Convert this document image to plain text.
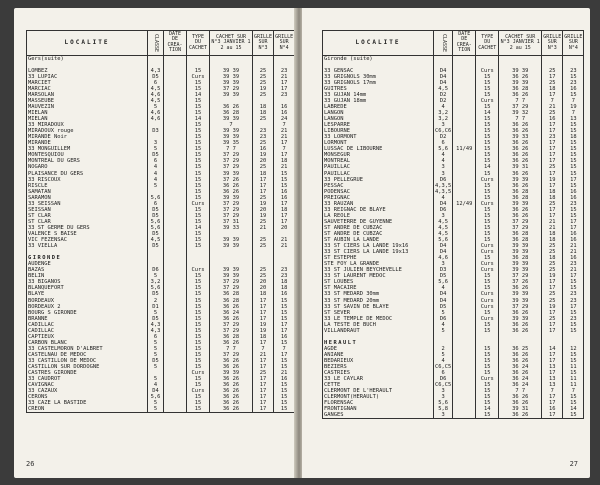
LOCALITE	CLASSE	DATE DE CREA- TION	TYPE DU CACHET	CACHET SUR N°3 JANVIER 1 2 au 15	GRILLE SUR N°3	GRILLE SUR N°4
Gers(suite)						

LOMBEZ	4,3		15	39 39	25	23
33 LUPIAC	D5		Curs	39 39	25	21
MARCIET	6		15	39 39	25	17
MARCIAC	4,5		15	37 29	19	17
MARSOLAN	4,6		14	39 39	25	23
MASSEUBE	4,5		15			
MAUVEZIN	5		15	36 26	18	16
MIELAN	4,6		15	36 28	18	16
MIELAN	4,6		14	39 39	25	24
33 MIRADOUX			15	7		7
MIRADOUX rouge	D3		15	39 39	23	21
MIRANDE Noir			15	39 39	23	21
MIRANDE	3		15	39 35	25	17
33 MONGUILLEM	5		15	7 7	16	7
MONTESQUIOU	D5		15	37 29	19	17
MONTREAL DU GERS	6		15	37 29	20	18
NOGARO	4		15	37 29	25	21
PLAISANCE DU GERS	4		15	39 39	18	15
33 RISCOUX	4		15	37 26	17	15
RISCLE	5		15	36 26	17	15
SAMATAN			15	36 26	17	16
SARAMON	5,6		15	39 39	25	16
33 SEISSAN	6		Curs	37 29	19	17
SEISSAN	D5		15	37 29	20	18
ST CLAR	D5		15	37 29	19	17
ST CLAR	5,6		15	37 31	25	17
33 ST GERME DU GERS	5,6		14	39 33	21	20
VALENCE S BAISE	D5		15			
VIC FEZENSAC	4,5		15	39 39	25	21
33 VIELLA	D5		15	39 39	25	21

GIRONDE						
AUDENGE						
BAZAS	D6		Curs	39 39	25	23
BELIN	5		15	39 39	25	23
33 BIGANOS	3,2		15	37 29	20	18
BLANQUEFORT	5,6		15	37 29	20	18
BLAYE	D5		15	36 28	18	16
BORDEAUX	2		15	36 28	17	15
BORDEAUX 2	D1		15	36 26	17	15
BOURG S GIRONDE	5		15	36 24	17	15
BRANNE	D5		15	36 26	17	15
CADILLAC	4,3		15	37 29	19	17
CADILLAC	4,3		15	37 29	19	17
CAPTIEUX	6		15	36 28	18	16
CARBON BLANC	5		15	36 26	17	15
33 CASTELMORON D'ALBRET	5		15	7 7	7	7
CASTELNAU DE MEDOC	5		15	37 29	21	17
33 CASTILLON DE MEDOC	D5		15	36 26	17	15
CASTILLON SUR DORDOGNE	5		15	36 26	17	15
CASTRES GIRONDE			Curs	39 39	25	21
33 CAUDROT	5		15	36 26	17	16
CAVIGNAC	4		15	36 26	17	15
33 CAZAUX	D4		Curs	36 26	17	15
CERONS	5,6		15	36 26	17	15
33 CAZE LA BASTIDE	5		15	36 26	17	15
CREON	5		15	36 26	17	15
26
LOCALITE	CLASSE	DATE DE CREA- TION	TYPE DU CACHET	CACHET SUR N°3 JANVIER 1 2 au 15	GRILLE SUR N°3	GRILLE SUR N°4
Gironde (suite)						

33 GENSAC	D4		Curs	39 39	25	23
33 GRIGNOLS 30mm	D4		15	36 26	17	15
33 GRIGNOLS 17mm	D4		15	39 39	25	23
GUITRES	4,5		15	36 28	18	16
33 GUJAN 14mm	D2		15	36 26	17	15
33 GUJAN 18mm	D2		Curs	7 7	7	7
LABREDE	4		15	37 29	21	19
LANGON	3,2		14	39 32	25	7
LANGON	3,2		15	7 7	16	13
LESPARRE	3		15	36 26	17	15
LIBOURNE	C6,C6		15	36 26	17	15
33 LORMONT	D2		15	39 33	23	18
LORMONT	6		15	36 26	17	15
LUSSAC DE LIBOURNE	5,6	11/49	15	36 26	17	15
MONSEGUR	4		15	36 26	17	15
MONTREAL	4		15	36 26	17	15
PAUILLAC	3		14	39 31	25	15
PAUILLAC	3		15	36 26	17	15
33 PELLEGRUE	D6		Curs	39 39	19	17
PESSAC	4,3,5		15	36 26	17	15
PODENSAC	4,3,5		15	36 28	18	16
PREIGNAC	4		15	36 28	18	16
33 RAUZAN	D4	12/49	Curs	39 39	25	23
33 REIGNAC DE BLAYE	D6		15	36 26	17	15
LA REOLE	3		15	36 26	17	15
SAUVETERRE DE GUYENNE	4,5		15	37 29	21	17
ST ANDRE DE CUBZAC	4,5		15	37 29	21	17
ST ANDRE DE CUBZAC	4,5		15	36 28	18	16
ST AUBIN LA LANDE	5,6		15	36 28	18	16
33 ST CIERS LA LANDE 19x16	D4		Curs	39 39	25	21
33 ST CIERS LA LANDE 19x13	D4		Curs	39 39	25	21
ST ESTEPHE	4,6		15	36 28	18	16
STE FOY LA GRANDE	3		Curs	39 39	25	23
33 ST JULIEN BEYCHEVELLE	D3		Curs	39 39	25	21
33 ST LAURENT MEDOC	D5		15	37 29	19	17
ST LOUBES	5,6		15	37 26	17	15
ST MACAIRE	4		15	36 26	17	15
33 ST MEDARD 30mm	D4		Curs	39 39	25	23
33 ST MEDARD 20mm	D4		Curs	39 39	25	23
33 ST SAVIN DE BLAYE	D5		Curs	37 29	19	17
ST SEVER	5		15	36 26	17	15
33 LE TEMPLE DE MEDOC	D6		Curs	39 39	25	23
LA TESTE DE BUCH	4		15	36 26	17	15
VILLANDRAUT	5		15	36 26	17	15

HERAULT						
AGDE	2		15	36 25	14	12
ANIANE	5		15	36 26	17	15
BEDARIEUX	4		15	36 26	17	15
BEZIERS	C6,C5		15	36 24	13	11
CASTRIES	6		15	36 26	17	15
33 LE CAYLAR	D6		Curs	36 24	13	11
CETTE	C6,C5		15	36 24	13	11
CLERMONT DE L'HERAULT	3		15	7 7	7	7
CLERMONT(HERAULT)	3		15	36 26	17	15
FLORENSAC	5,6		15	36 26	17	15
FRONTIGNAN	5,8		14	39 31	16	14
GANGES	3		15	36 26	17	15
27
